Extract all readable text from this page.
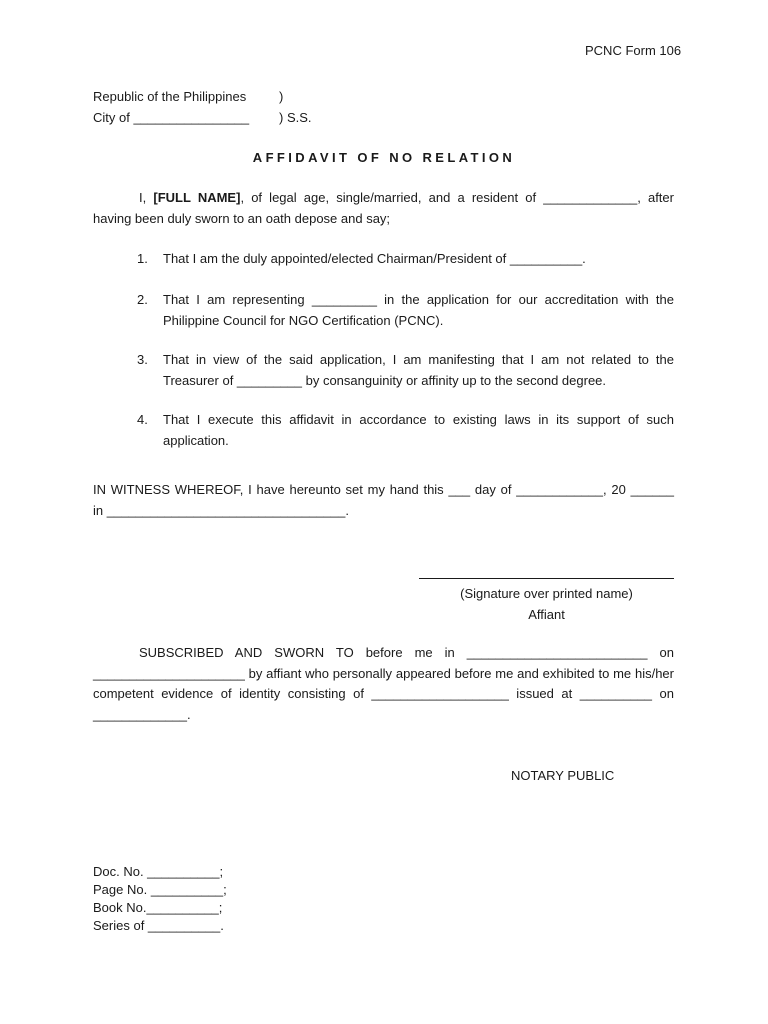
PCNC Form 106
Republic of the Philippines	)
City of ________________ ) S.S.
AFFIDAVIT OF NO RELATION
I, [FULL NAME], of legal age, single/married, and a resident of _____________, after
having been duly sworn to an oath depose and say;
1. That I am the duly appointed/elected Chairman/President of __________.
2. That I am representing _________ in the application for our accreditation with the Philippine Council for NGO Certification (PCNC).
3. That in view of the said application, I am manifesting that I am not related to the Treasurer of _________ by consanguinity or affinity up to the second degree.
4. That I execute this affidavit in accordance to existing laws in its support of such application.
IN WITNESS WHEREOF, I have hereunto set my hand this ___ day of ____________, 20 ______
in _________________________________.
(Signature over printed name)
Affiant
SUBSCRIBED AND SWORN TO before me in _________________________ on _____________________ by affiant who personally appeared before me and exhibited to me his/her competent evidence of identity consisting of ___________________ issued at __________ on _____________.
NOTARY PUBLIC
Doc. No. __________;
Page No. __________;
Book No.__________;
Series of __________.
